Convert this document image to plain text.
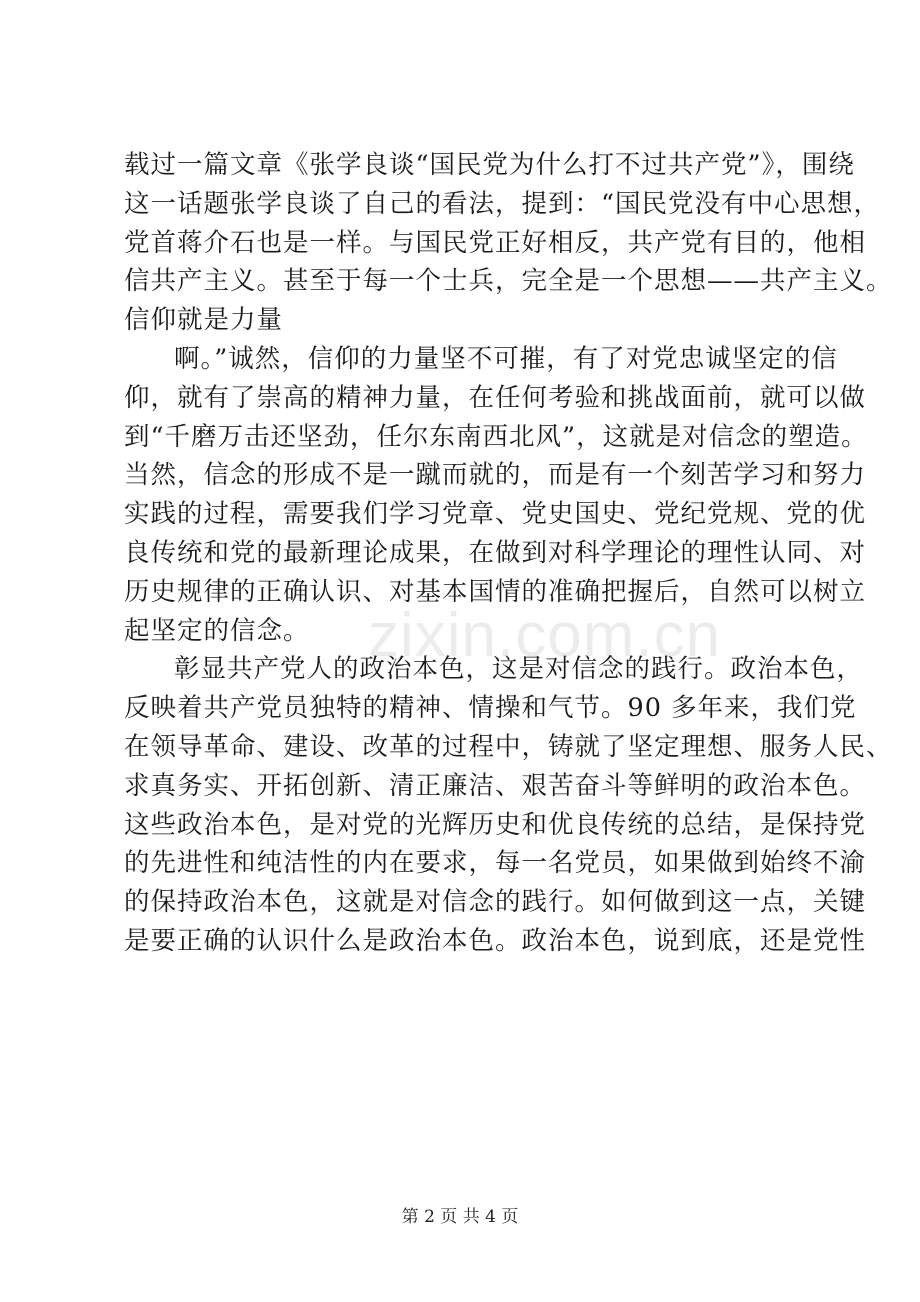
zixin.com.cn
载过一篇文章《张学良谈“国民党为什么打不过共产党”》，围绕
这一话题张学良谈了自己的看法，提到：“国民党没有中心思想，
党首蒋介石也是一样。与国民党正好相反，共产党有目的，他相
信共产主义。甚至于每一个士兵，完全是一个思想——共产主义。
信仰就是力量
啊。”诚然，信仰的力量坚不可摧，有了对党忠诚坚定的信
仰，就有了崇高的精神力量，在任何考验和挑战面前，就可以做
到“千磨万击还坚劲，任尔东南西北风”，这就是对信念的塑造。
当然，信念的形成不是一蹴而就的，而是有一个刻苦学习和努力
实践的过程，需要我们学习党章、党史国史、党纪党规、党的优
良传统和党的最新理论成果，在做到对科学理论的理性认同、对
历史规律的正确认识、对基本国情的准确把握后，自然可以树立
起坚定的信念。
彰显共产党人的政治本色，这是对信念的践行。政治本色，
反映着共产党员独特的精神、情操和气节。90 多年来，我们党
在领导革命、建设、改革的过程中，铸就了坚定理想、服务人民、
求真务实、开拓创新、清正廉洁、艰苦奋斗等鲜明的政治本色。
这些政治本色，是对党的光辉历史和优良传统的总结，是保持党
的先进性和纯洁性的内在要求，每一名党员，如果做到始终不渝
的保持政治本色，这就是对信念的践行。如何做到这一点，关键
是要正确的认识什么是政治本色。政治本色，说到底，还是党性
第 2 页 共 4 页
